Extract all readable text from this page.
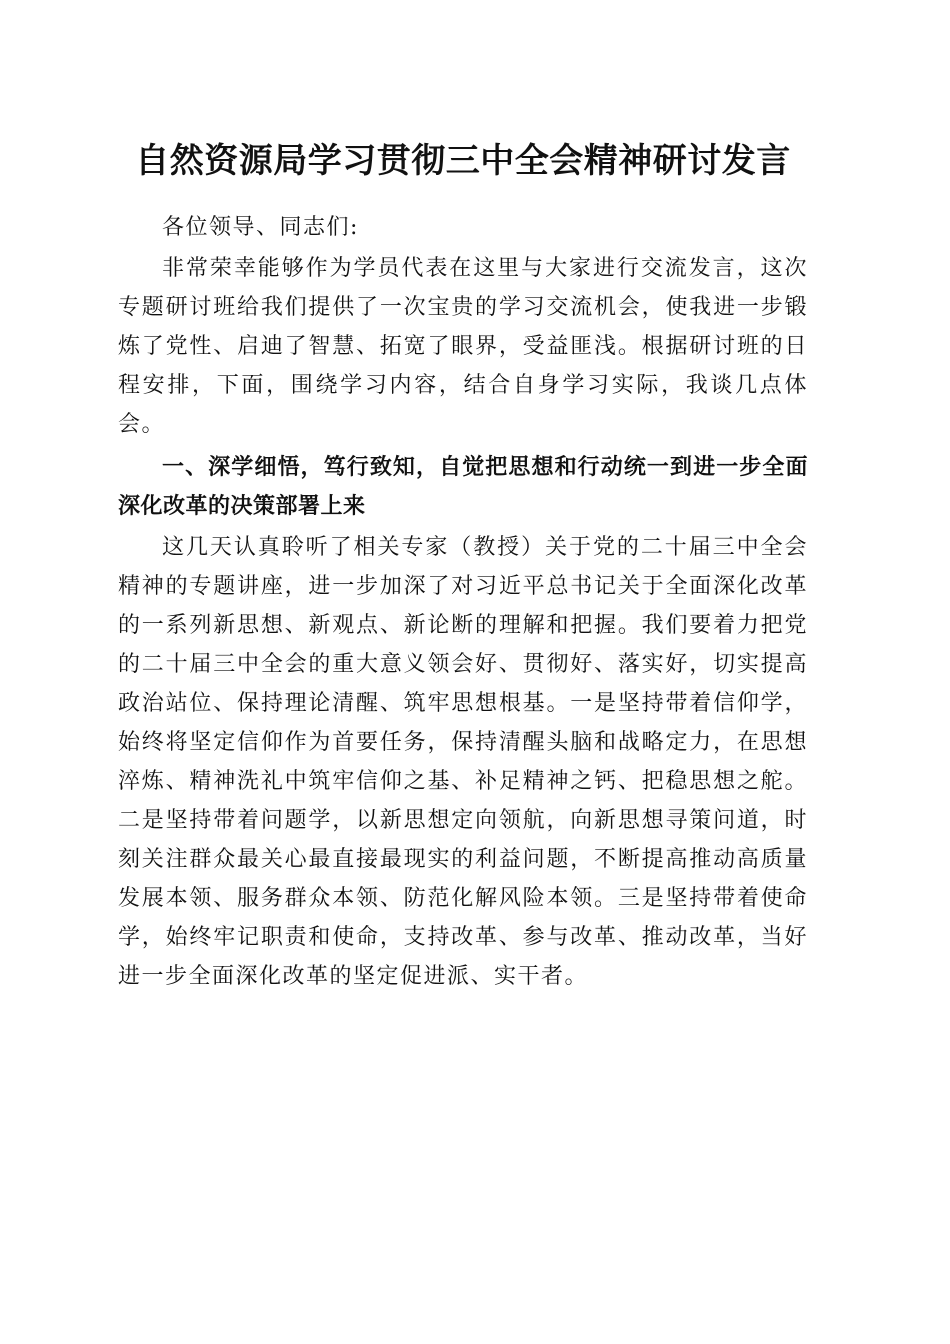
自然资源局学习贯彻三中全会精神研讨发言

各位领导、同志们:

非常荣幸能够作为学员代表在这里与大家进行交流发言，这次专题研讨班给我们提供了一次宝贵的学习交流机会，使我进一步锻炼了党性、启迪了智慧、拓宽了眼界，受益匪浅。根据研讨班的日程安排，下面，围绕学习内容，结合自身学习实际，我谈几点体会。

一、深学细悟，笃行致知，自觉把思想和行动统一到进一步全面深化改革的决策部署上来

这几天认真聆听了相关专家（教授）关于党的二十届三中全会精神的专题讲座，进一步加深了对习近平总书记关于全面深化改革的一系列新思想、新观点、新论断的理解和把握。我们要着力把党的二十届三中全会的重大意义领会好、贯彻好、落实好，切实提高政治站位、保持理论清醒、筑牢思想根基。一是坚持带着信仰学，始终将坚定信仰作为首要任务，保持清醒头脑和战略定力，在思想淬炼、精神洗礼中筑牢信仰之基、补足精神之钙、把稳思想之舵。二是坚持带着问题学，以新思想定向领航，向新思想寻策问道，时刻关注群众最关心最直接最现实的利益问题，不断提高推动高质量发展本领、服务群众本领、防范化解风险本领。三是坚持带着使命学，始终牢记职责和使命，支持改革、参与改革、推动改革，当好进一步全面深化改革的坚定促进派、实干者。
